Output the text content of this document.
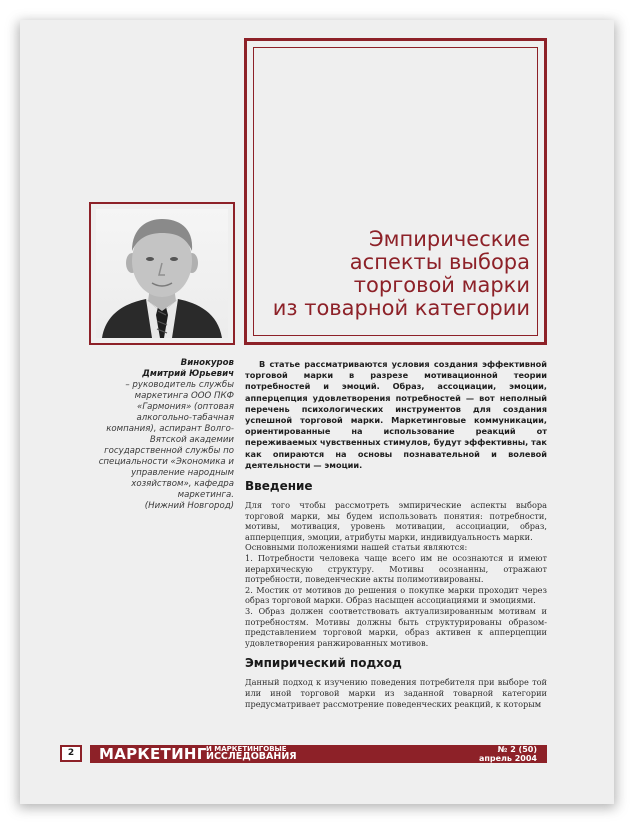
Эмпирические
аспекты выбора
торговой марки
из товарной категории
Винокуров
Дмитрий Юрьевич
– руководитель службы
маркетинга ООО ПКФ
«Гармония» (оптовая
алкогольно-табачная
компания), аспирант Волго-
Вятской академии
государственной службы по
специальности «Экономика и
управление народным
хозяйством», кафедра
маркетинга.
(Нижний Новгород)

В статье рассматриваются условия создания эффективной торговой марки в разрезе мотивационной теории потребностей и эмоций. Образ, ассоциации, эмоции, апперцепция удовлетворения потребностей — вот неполный перечень психологических инструментов для создания успешной торговой марки. Маркетинговые коммуникации, ориентированные на использование реакций от переживаемых чувственных стимулов, будут эффективны, так как опираются на основы познавательной и волевой деятельности — эмоции.

Введение

Для того чтобы рассмотреть эмпирические аспекты выбора торговой марки, мы будем использовать понятия: потребности, мотивы, мотивация, уровень мотивации, ассоциации, образ, апперцепция, эмоции, атрибуты марки, индивидуальность марки.
Основными положениями нашей статьи являются:
1. Потребности человека чаще всего им не осознаются и имеют иерархическую структуру. Мотивы осознанны, отражают потребности, поведенческие акты полимотивированы.
2. Мостик от мотивов до решения о покупке марки проходит через образ торговой марки. Образ насыщен ассоциациями и эмоциями.
3. Образ должен соответствовать актуализированным мотивам и потребностям. Мотивы должны быть структурированы образом-представлением торговой марки, образ активен к апперцепции удовлетворения ранжированных мотивов.

Эмпирический подход

Данный подход к изучению поведения потребителя при выборе той или иной торговой марки из заданной товарной категории предусматривает рассмотрение поведенческих реакций, к которым

2	МАРКЕТИНГ И МАРКЕТИНГОВЫЕ
ИССЛЕДОВАНИЯ
№ 2 (50)
апрель 2004
